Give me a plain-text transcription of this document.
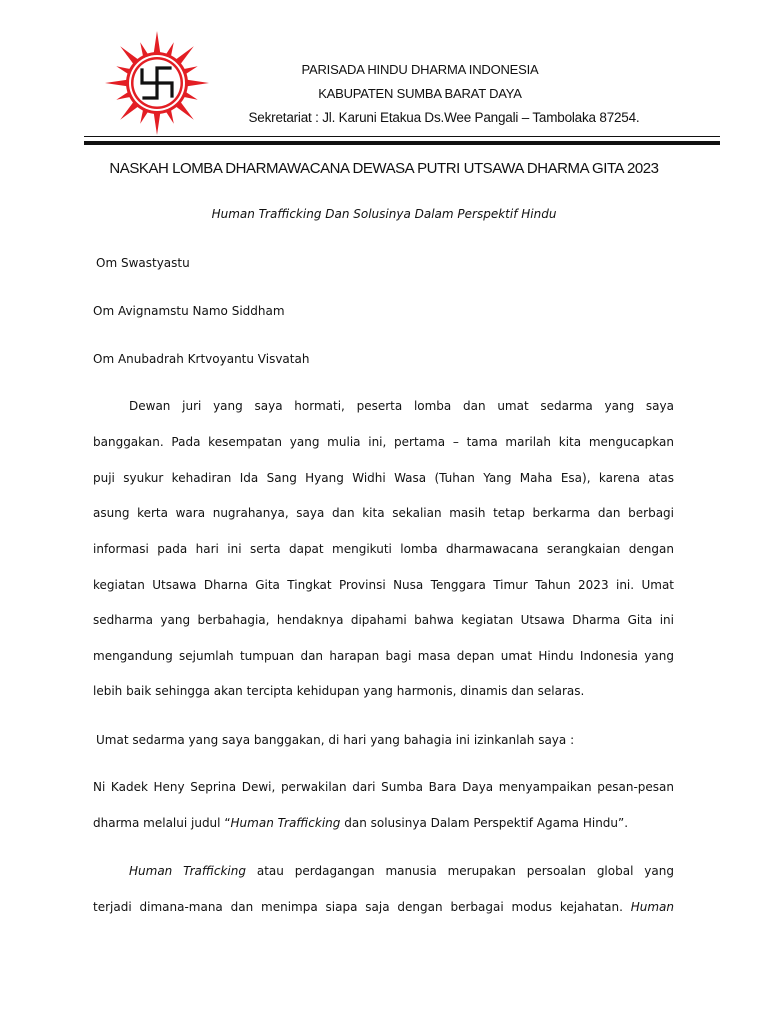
PARISADA HINDU DHARMA INDONESIA
KABUPATEN SUMBA BARAT DAYA
Sekretariat : Jl. Karuni Etakua Ds.Wee Pangali – Tambolaka 87254.
NASKAH LOMBA DHARMAWACANA DEWASA PUTRI UTSAWA DHARMA GITA 2023
Human Trafficking Dan Solusinya Dalam Perspektif Hindu
Om Swastyastu
Om Avignamstu Namo Siddham
Om Anubadrah Krtvoyantu Visvatah
Dewan juri yang saya hormati, peserta lomba dan umat sedarma yang saya
banggakan. Pada kesempatan yang mulia ini, pertama – tama marilah kita mengucapkan
puji syukur kehadiran Ida Sang Hyang Widhi Wasa (Tuhan Yang Maha Esa), karena atas
asung kerta wara nugrahanya, saya dan kita sekalian masih tetap berkarma dan berbagi
informasi pada hari ini serta dapat mengikuti lomba dharmawacana serangkaian dengan
kegiatan Utsawa Dharna Gita Tingkat Provinsi Nusa Tenggara Timur Tahun 2023 ini. Umat
sedharma yang berbahagia, hendaknya dipahami bahwa kegiatan Utsawa Dharma Gita ini
mengandung sejumlah tumpuan dan harapan bagi masa depan umat Hindu Indonesia yang
lebih baik sehingga akan tercipta kehidupan yang harmonis, dinamis dan selaras.
Umat sedarma yang saya banggakan, di hari yang bahagia ini izinkanlah saya :
Ni Kadek Heny Seprina Dewi, perwakilan dari Sumba Bara Daya menyampaikan pesan-pesan
dharma melalui judul “Human Trafficking dan solusinya Dalam Perspektif Agama Hindu”.
Human Trafficking atau perdagangan manusia merupakan persoalan global yang
terjadi dimana-mana dan menimpa siapa saja dengan berbagai modus kejahatan. Human
